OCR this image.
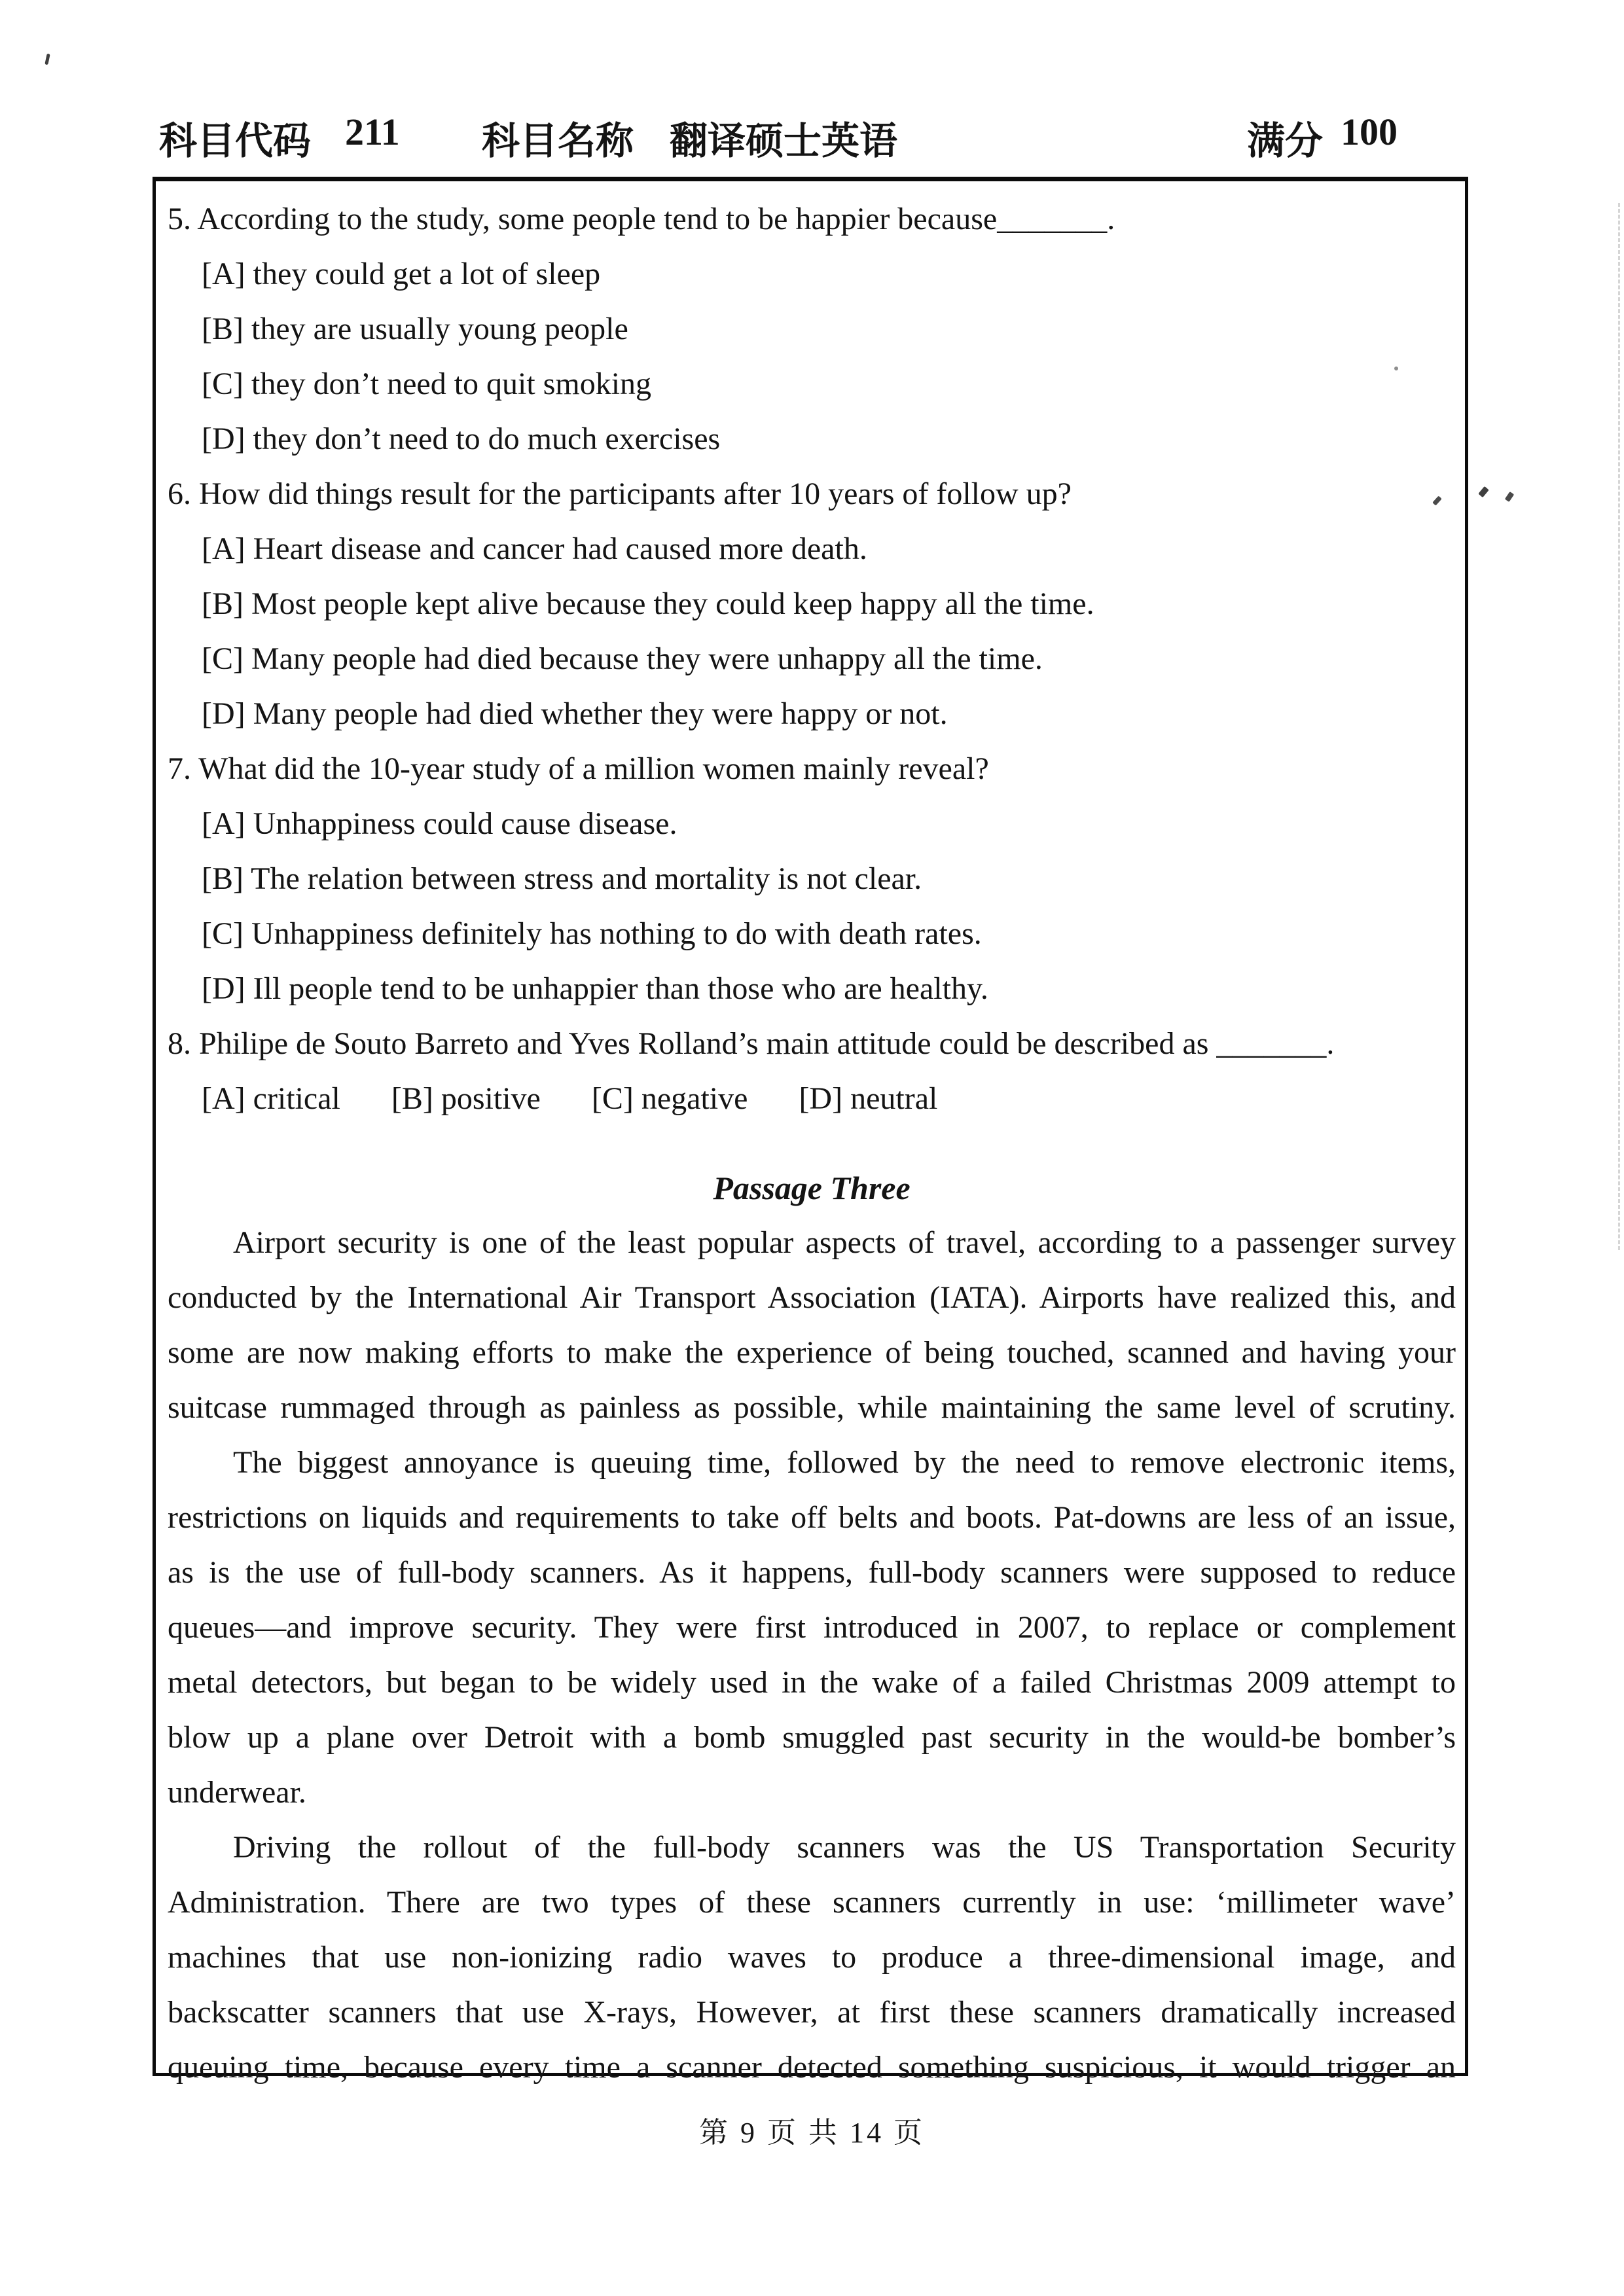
科目代码 211 科目名称 翻译硕士英语	满分 100
5. According to the study, some people tend to be happier because_______.
[A] they could get a lot of sleep
[B] they are usually young people
[C] they don’t need to quit smoking
[D] they don’t need to do much exercises
6. How did things result for the participants after 10 years of follow up?
[A] Heart disease and cancer had caused more death.
[B] Most people kept alive because they could keep happy all the time.
[C] Many people had died because they were unhappy all the time.
[D] Many people had died whether they were happy or not.
7. What did the 10-year study of a million women mainly reveal?
[A] Unhappiness could cause disease.
[B] The relation between stress and mortality is not clear.
[C] Unhappiness definitely has nothing to do with death rates.
[D] Ill people tend to be unhappier than those who are healthy.
8. Philipe de Souto Barreto and Yves Rolland’s main attitude could be described as _______.
[A] critical [B] positive [C] negative [D] neutral
Passage Three
Airport security is one of the least popular aspects of travel, according to a passenger survey
conducted by the International Air Transport Association (IATA). Airports have realized this, and
some are now making efforts to make the experience of being touched, scanned and having your
suitcase rummaged through as painless as possible, while maintaining the same level of scrutiny.
The biggest annoyance is queuing time, followed by the need to remove electronic items,
restrictions on liquids and requirements to take off belts and boots. Pat-downs are less of an issue,
as is the use of full-body scanners. As it happens, full-body scanners were supposed to reduce
queues—and improve security. They were first introduced in 2007, to replace or complement
metal detectors, but began to be widely used in the wake of a failed Christmas 2009 attempt to
blow up a plane over Detroit with a bomb smuggled past security in the would-be bomber’s
underwear.
Driving the rollout of the full-body scanners was the US Transportation Security
Administration. There are two types of these scanners currently in use: ‘millimeter wave’
machines that use non-ionizing radio waves to produce a three-dimensional image, and
backscatter scanners that use X-rays, However, at first these scanners dramatically increased
queuing time, because every time a scanner detected something suspicious, it would trigger an
第 9 页 共 14 页
